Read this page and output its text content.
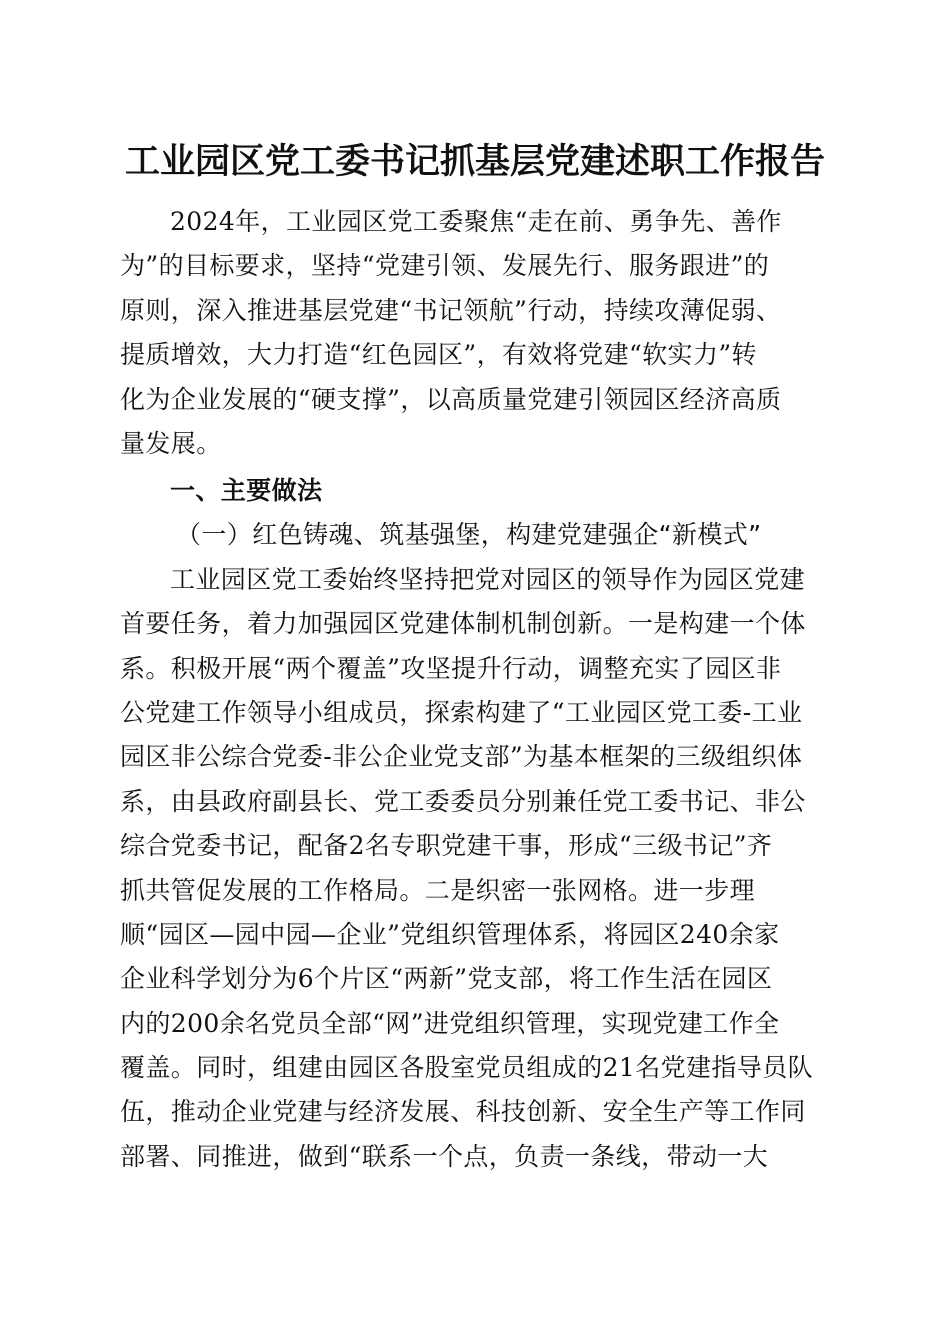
工业园区党工委书记抓基层党建述职工作报告
2024年，工业园区党工委聚焦“走在前、勇争先、善作
为”的目标要求，坚持“党建引领、发展先行、服务跟进”的
原则，深入推进基层党建“书记领航”行动，持续攻薄促弱、
提质增效，大力打造“红色园区”，有效将党建“软实力”转
化为企业发展的“硬支撑”，以高质量党建引领园区经济高质
量发展。
一、主要做法
（一）红色铸魂、筑基强堡，构建党建强企“新模式”
工业园区党工委始终坚持把党对园区的领导作为园区党建
首要任务，着力加强园区党建体制机制创新。一是构建一个体
系。积极开展“两个覆盖”攻坚提升行动，调整充实了园区非
公党建工作领导小组成员，探索构建了“工业园区党工委-工业
园区非公综合党委-非公企业党支部”为基本框架的三级组织体
系，由县政府副县长、党工委委员分别兼任党工委书记、非公
综合党委书记，配备2名专职党建干事，形成“三级书记”齐
抓共管促发展的工作格局。二是织密一张网格。进一步理
顺“园区—园中园—企业”党组织管理体系，将园区240余家
企业科学划分为6个片区“两新”党支部，将工作生活在园区
内的200余名党员全部“网”进党组织管理，实现党建工作全
覆盖。同时，组建由园区各股室党员组成的21名党建指导员队
伍，推动企业党建与经济发展、科技创新、安全生产等工作同
部署、同推进，做到“联系一个点，负责一条线，带动一大
